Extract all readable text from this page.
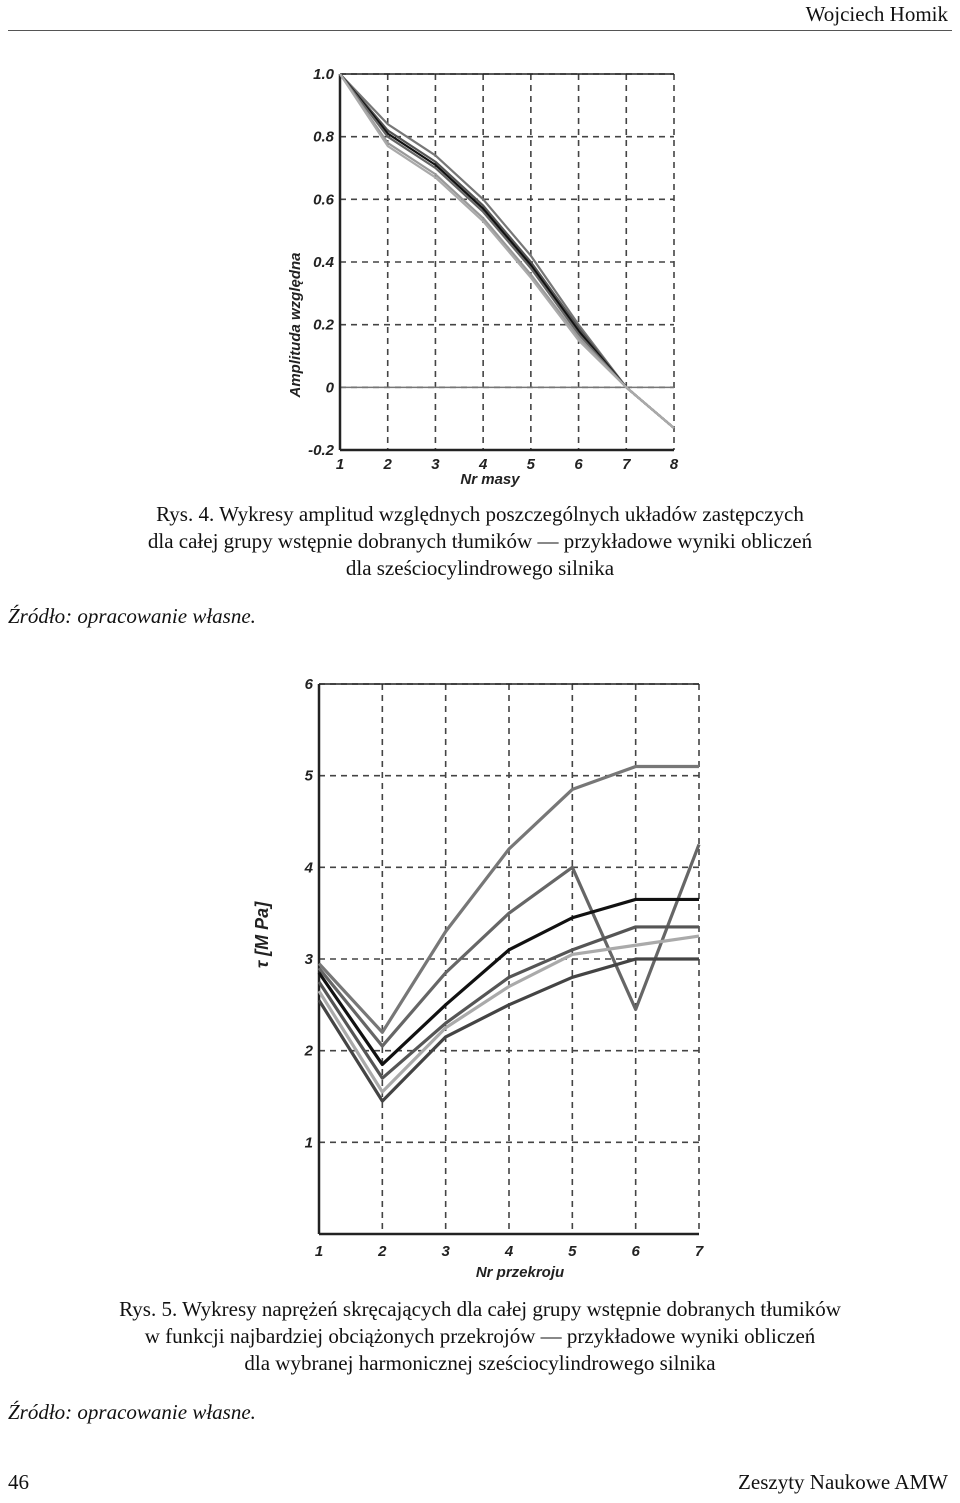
Wojciech Homik
Amplituda względna
Nr masy
-0.2
0
0.2
0.4
0.6
0.8
1.0
1	2	3	4	5	6	7	8
Rys. 4. Wykresy amplitud względnych poszczególnych układów zastępczych
dla całej grupy wstępnie dobranych tłumików — przykładowe wyniki obliczeń
dla sześciocylindrowego silnika
Źródło: opracowanie własne.
τ [M Pa]
Nr przekroju
1
2
3
4
5
6
1	2	3	4	5	6	7
Rys. 5. Wykresy naprężeń skręcających dla całej grupy wstępnie dobranych tłumików
w funkcji najbardziej obciążonych przekrojów — przykładowe wyniki obliczeń
dla wybranej harmonicznej sześciocylindrowego silnika
Źródło: opracowanie własne.
46	Zeszyty Naukowe AMW
